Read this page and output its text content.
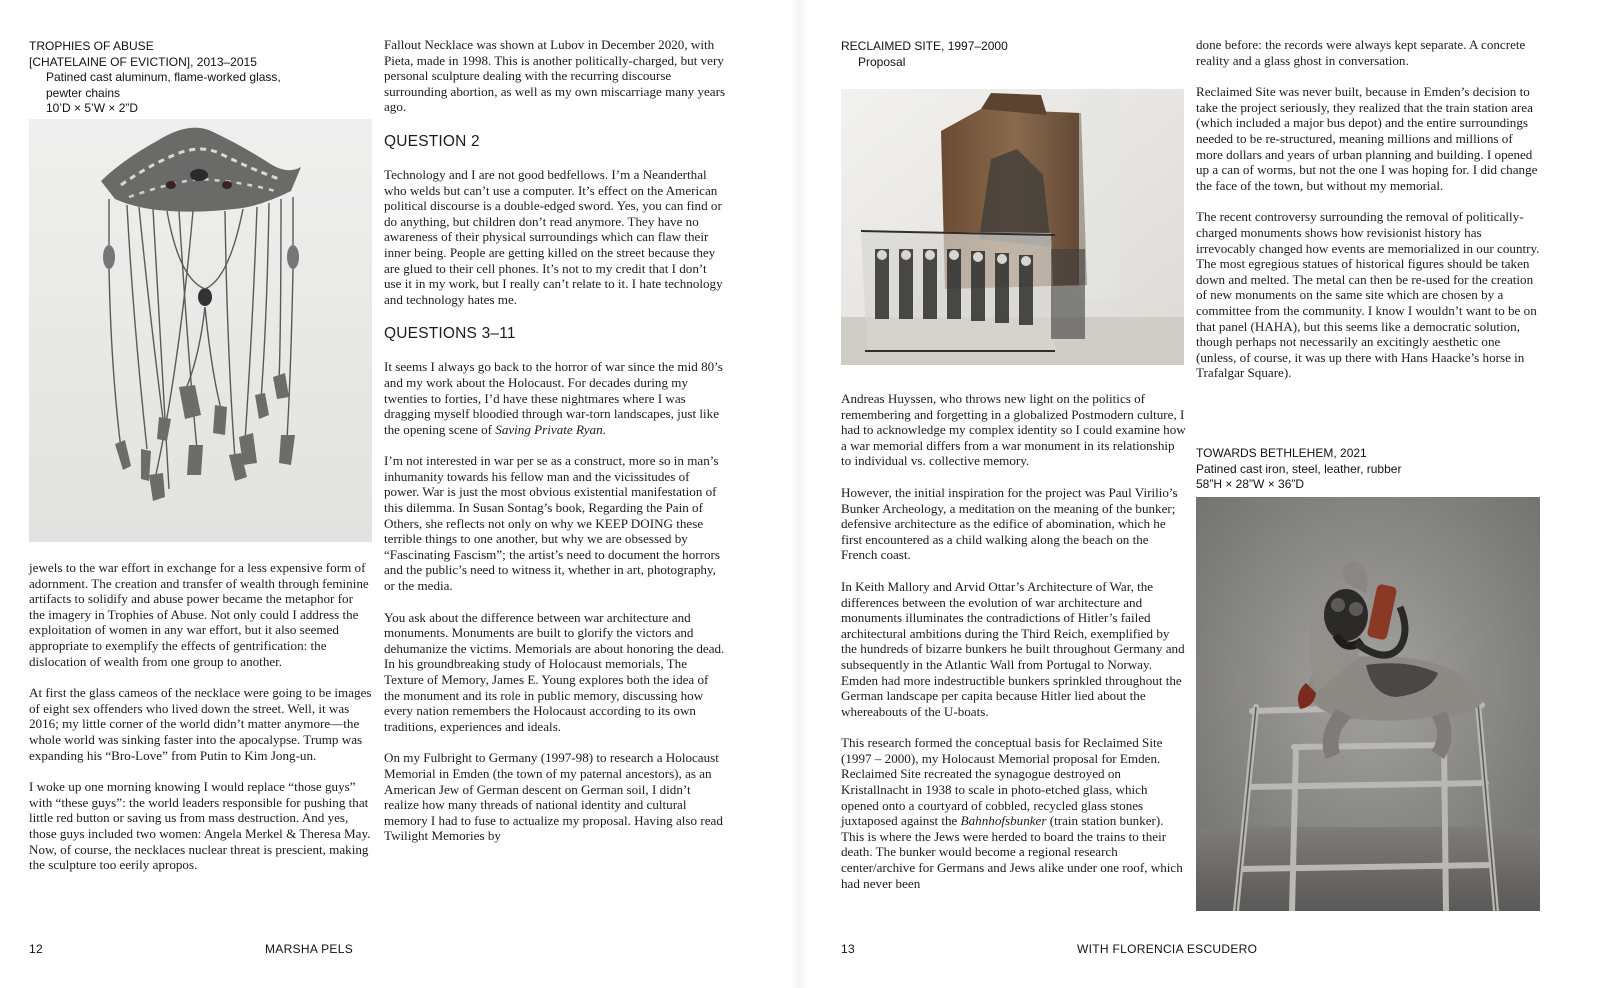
TROPHIES OF ABUSE
[CHATELAINE OF EVICTION], 2013–2015
Patined cast aluminum, flame-worked glass,
pewter chains
10’D × 5’W × 2”D

jewels to the war effort in exchange for a less expensive form of adornment. The creation and transfer of wealth through feminine artifacts to solidify and abuse power became the metaphor for the imagery in Trophies of Abuse. Not only could I address the exploitation of women in any war effort, but it also seemed appropriate to exemplify the effects of gentrification: the dislocation of wealth from one group to another.

At first the glass cameos of the necklace were going to be images of eight sex offenders who lived down the street. Well, it was 2016; my little corner of the world didn’t matter anymore—the whole world was sinking faster into the apocalypse. Trump was expanding his “Bro-Love” from Putin to Kim Jong-un.

I woke up one morning knowing I would replace “those guys” with “these guys”: the world leaders responsible for pushing that little red button or saving us from mass destruction. And yes, those guys included two women: Angela Merkel & Theresa May. Now, of course, the necklaces nuclear threat is prescient, making the sculpture too eerily apropos.

Fallout Necklace was shown at Lubov in December 2020, with Pieta, made in 1998. This is another politically-charged, but very personal sculpture dealing with the recurring discourse surrounding abortion, as well as my own miscarriage many years ago.

QUESTION 2

Technology and I are not good bedfellows. I’m a Neanderthal who welds but can’t use a computer. It’s effect on the American political discourse is a double-edged sword. Yes, you can find or do anything, but children don’t read anymore. They have no awareness of their physical surroundings which can flaw their inner being. People are getting killed on the street because they are glued to their cell phones. It’s not to my credit that I don’t use it in my work, but I really can’t relate to it. I hate technology and technology hates me.

QUESTIONS 3–11

It seems I always go back to the horror of war since the mid 80’s and my work about the Holocaust. For decades during my twenties to forties, I’d have these nightmares where I was dragging myself bloodied through war-torn landscapes, just like the opening scene of Saving Private Ryan.

I’m not interested in war per se as a construct, more so in man’s inhumanity towards his fellow man and the vicissitudes of power. War is just the most obvious existential manifestation of this dilemma. In Susan Sontag’s book, Regarding the Pain of Others, she reflects not only on why we KEEP DOING these terrible things to one another, but why we are obsessed by “Fascinating Fascism”; the artist’s need to document the horrors and the public’s need to witness it, whether in art, photography, or the media.

You ask about the difference between war architecture and monuments. Monuments are built to glorify the victors and dehumanize the victims. Memorials are about honoring the dead. In his groundbreaking study of Holocaust memorials, The Texture of Memory, James E. Young explores both the idea of the monument and its role in public memory, discussing how every nation remembers the Holocaust according to its own traditions, experiences and ideals.

On my Fulbright to Germany (1997-98) to research a Holocaust Memorial in Emden (the town of my paternal ancestors), as an American Jew of German descent on German soil, I didn’t realize how many threads of national identity and cultural memory I had to fuse to actualize my proposal. Having also read Twilight Memories by

12	MARSHA PELS
RECLAIMED SITE, 1997–2000
Proposal

Andreas Huyssen, who throws new light on the politics of remembering and forgetting in a globalized Postmodern culture, I had to acknowledge my complex identity so I could examine how a war memorial differs from a war monument in its relationship to individual vs. collective memory.

However, the initial inspiration for the project was Paul Virilio’s Bunker Archeology, a meditation on the meaning of the bunker; defensive architecture as the edifice of abomination, which he first encountered as a child walking along the beach on the French coast.

In Keith Mallory and Arvid Ottar’s Architecture of War, the differences between the evolution of war architecture and monuments illuminates the contradictions of Hitler’s failed architectural ambitions during the Third Reich, exemplified by the hundreds of bizarre bunkers he built throughout Germany and subsequently in the Atlantic Wall from Portugal to Norway. Emden had more indestructible bunkers sprinkled throughout the German landscape per capita because Hitler lied about the whereabouts of the U-boats.

This research formed the conceptual basis for Reclaimed Site (1997 – 2000), my Holocaust Memorial proposal for Emden. Reclaimed Site recreated the synagogue destroyed on Kristallnacht in 1938 to scale in photo-etched glass, which opened onto a courtyard of cobbled, recycled glass stones juxtaposed against the Bahnhofsbunker (train station bunker). This is where the Jews were herded to board the trains to their death. The bunker would become a regional research center/archive for Germans and Jews alike under one roof, which had never been

done before: the records were always kept separate. A concrete reality and a glass ghost in conversation.

Reclaimed Site was never built, because in Emden’s decision to take the project seriously, they realized that the train station area (which included a major bus depot) and the entire surroundings needed to be re-structured, meaning millions and millions of more dollars and years of urban planning and building. I opened up a can of worms, but not the one I was hoping for. I did change the face of the town, but without my memorial.

The recent controversy surrounding the removal of politically-charged monuments shows how revisionist history has irrevocably changed how events are memorialized in our country. The most egregious statues of historical figures should be taken down and melted. The metal can then be re-used for the creation of new monuments on the same site which are chosen by a committee from the community. I know I wouldn’t want to be on that panel (HAHA), but this seems like a democratic solution, though perhaps not necessarily an excitingly aesthetic one (unless, of course, it was up there with Hans Haacke’s horse in Trafalgar Square).

TOWARDS BETHLEHEM, 2021
Patined cast iron, steel, leather, rubber
58”H × 28”W × 36”D
13	WITH FLORENCIA ESCUDERO
